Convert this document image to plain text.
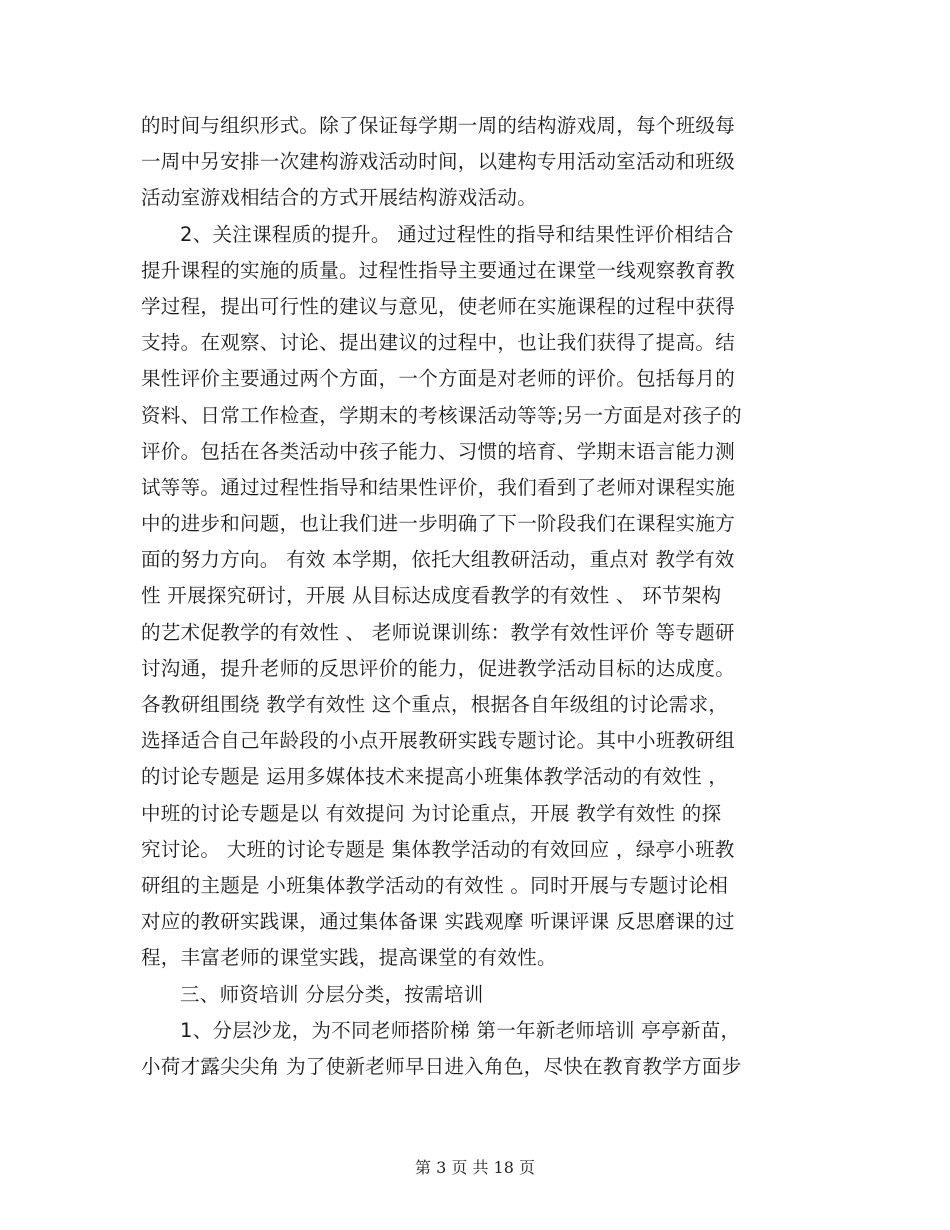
的时间与组织形式。除了保证每学期一周的结构游戏周，每个班级每
一周中另安排一次建构游戏活动时间，以建构专用活动室活动和班级
活动室游戏相结合的方式开展结构游戏活动。
2、关注课程质的提升。 通过过程性的指导和结果性评价相结合
提升课程的实施的质量。过程性指导主要通过在课堂一线观察教育教
学过程，提出可行性的建议与意见，使老师在实施课程的过程中获得
支持。在观察、讨论、提出建议的过程中，也让我们获得了提高。结
果性评价主要通过两个方面，一个方面是对老师的评价。包括每月的
资料、日常工作检查，学期末的考核课活动等等;另一方面是对孩子的
评价。包括在各类活动中孩子能力、习惯的培育、学期末语言能力测
试等等。通过过程性指导和结果性评价，我们看到了老师对课程实施
中的进步和问题，也让我们进一步明确了下一阶段我们在课程实施方
面的努力方向。 有效 本学期，依托大组教研活动，重点对 教学有效
性 开展探究研讨，开展 从目标达成度看教学的有效性 、 环节架构
的艺术促教学的有效性 、 老师说课训练：教学有效性评价 等专题研
讨沟通，提升老师的反思评价的能力，促进教学活动目标的达成度。
各教研组围绕 教学有效性 这个重点，根据各自年级组的讨论需求，
选择适合自己年龄段的小点开展教研实践专题讨论。其中小班教研组
的讨论专题是 运用多媒体技术来提高小班集体教学活动的有效性 ，
中班的讨论专题是以 有效提问 为讨论重点，开展 教学有效性 的探
究讨论。 大班的讨论专题是 集体教学活动的有效回应 ，绿亭小班教
研组的主题是 小班集体教学活动的有效性 。同时开展与专题讨论相
对应的教研实践课，通过集体备课 实践观摩 听课评课 反思磨课的过
程，丰富老师的课堂实践，提高课堂的有效性。
三、师资培训 分层分类，按需培训
1、分层沙龙，为不同老师搭阶梯 第一年新老师培训 亭亭新苗，
小荷才露尖尖角 为了使新老师早日进入角色，尽快在教育教学方面步
第 3 页 共 18 页
